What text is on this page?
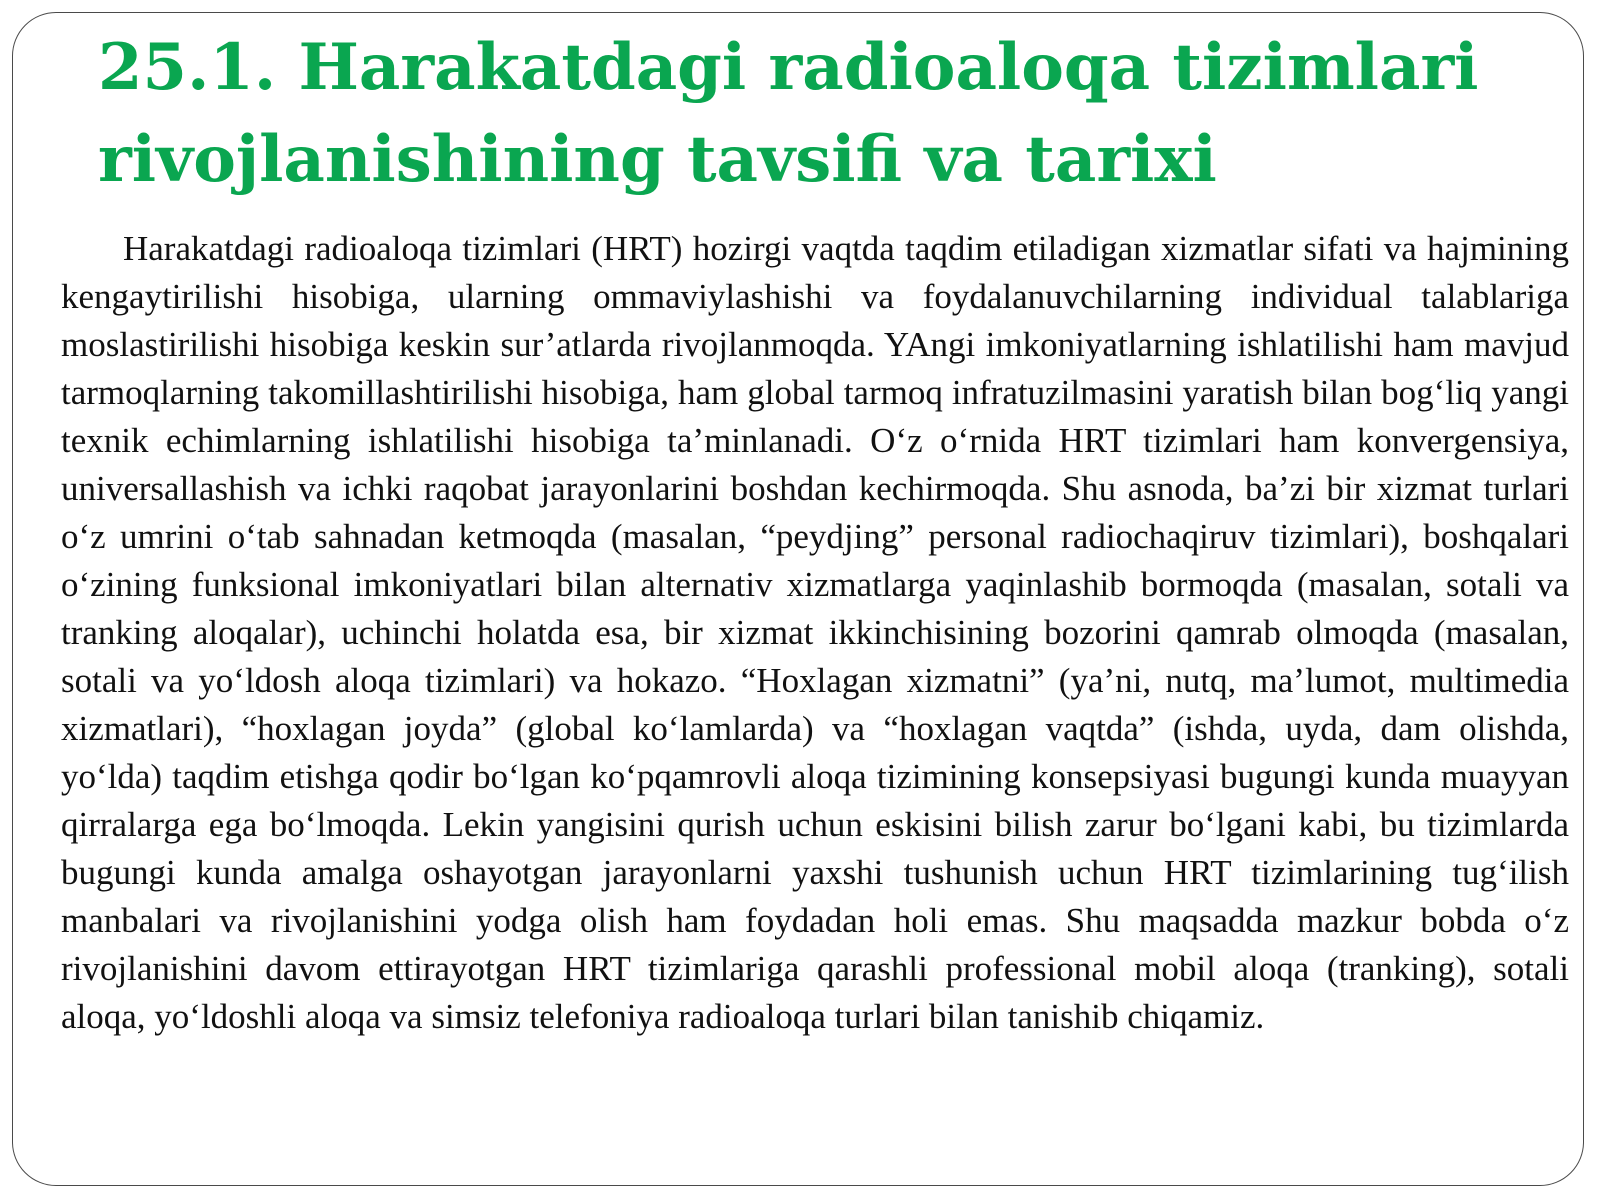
25.1. Harakatdagi radioaloqa tizimlari rivojlanishining tavsifi va tarixi

Harakatdagi radioaloqa tizimlari (HRT) hozirgi vaqtda taqdim etiladigan xizmatlar sifati va hajmining kengaytirilishi hisobiga, ularning ommaviylashishi va foydalanuvchilarning individual talablariga moslastirilishi hisobiga keskin sur’atlarda rivojlanmoqda. YAngi imkoniyatlarning ishlatilishi ham mavjud tarmoqlarning takomillashtirilishi hisobiga, ham global tarmoq infratuzilmasini yaratish bilan bog‘liq yangi texnik echimlarning ishlatilishi hisobiga ta’minlanadi. O‘z o‘rnida HRT tizimlari ham konvergensiya, universallashish va ichki raqobat jarayonlarini boshdan kechirmoqda. Shu asnoda, ba’zi bir xizmat turlari o‘z umrini o‘tab sahnadan ketmoqda (masalan, “peydjing” personal radiochaqiruv tizimlari), boshqalari o‘zining funksional imkoniyatlari bilan alternativ xizmatlarga yaqinlashib bormoqda (masalan, sotali va tranking aloqalar), uchinchi holatda esa, bir xizmat ikkinchisining bozorini qamrab olmoqda (masalan, sotali va yo‘ldosh aloqa tizimlari) va hokazo. “Hoxlagan xizmatni” (ya’ni, nutq, ma’lumot, multimedia xizmatlari), “hoxlagan joyda” (global ko‘lamlarda) va “hoxlagan vaqtda” (ishda, uyda, dam olishda, yo‘lda) taqdim etishga qodir bo‘lgan ko‘pqamrovli aloqa tizimining konsepsiyasi bugungi kunda muayyan qirralarga ega bo‘lmoqda. Lekin yangisini qurish uchun eskisini bilish zarur bo‘lgani kabi, bu tizimlarda bugungi kunda amalga oshayotgan jarayonlarni yaxshi tushunish uchun HRT tizimlarining tug‘ilish manbalari va rivojlanishini yodga olish ham foydadan holi emas. Shu maqsadda mazkur bobda o‘z rivojlanishini davom ettirayotgan HRT tizimlariga qarashli professional mobil aloqa (tranking), sotali aloqa, yo‘ldoshli aloqa va simsiz telefoniya radioaloqa turlari bilan tanishib chiqamiz.
